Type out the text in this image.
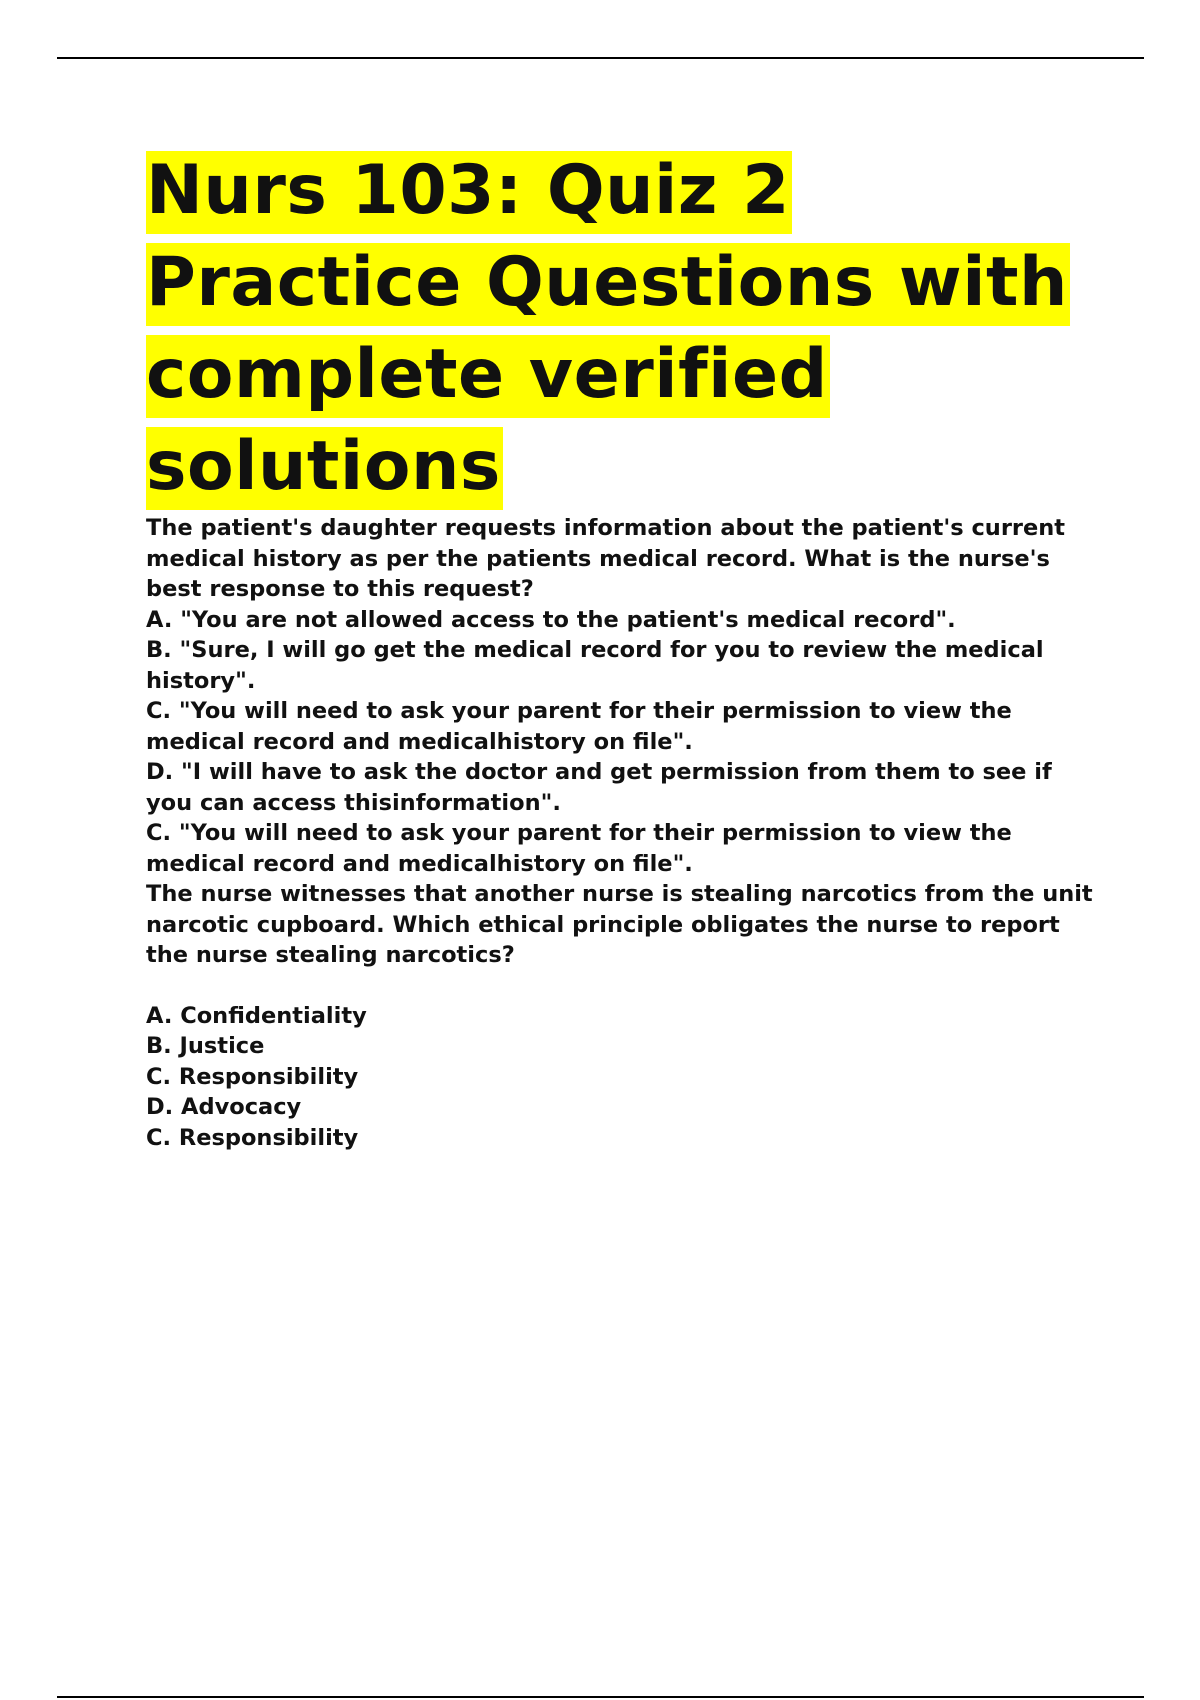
Nurs 103: Quiz 2 Practice Questions with complete verified solutions

The patient's daughter requests information about the patient's current medical history as per the patients medical record. What is the nurse's best response to this request?

A. "You are not allowed access to the patient's medical record".

B. "Sure, I will go get the medical record for you to review the medical history".

C. "You will need to ask your parent for their permission to view the medical record and medicalhistory on file".

D. "I will have to ask the doctor and get permission from them to see if you can access thisinformation".

C. "You will need to ask your parent for their permission to view the medical record and medicalhistory on file".

The nurse witnesses that another nurse is stealing narcotics from the unit narcotic cupboard. Which ethical principle obligates the nurse to report the nurse stealing narcotics?

A. Confidentiality

B. Justice

C. Responsibility

D. Advocacy

C. Responsibility
